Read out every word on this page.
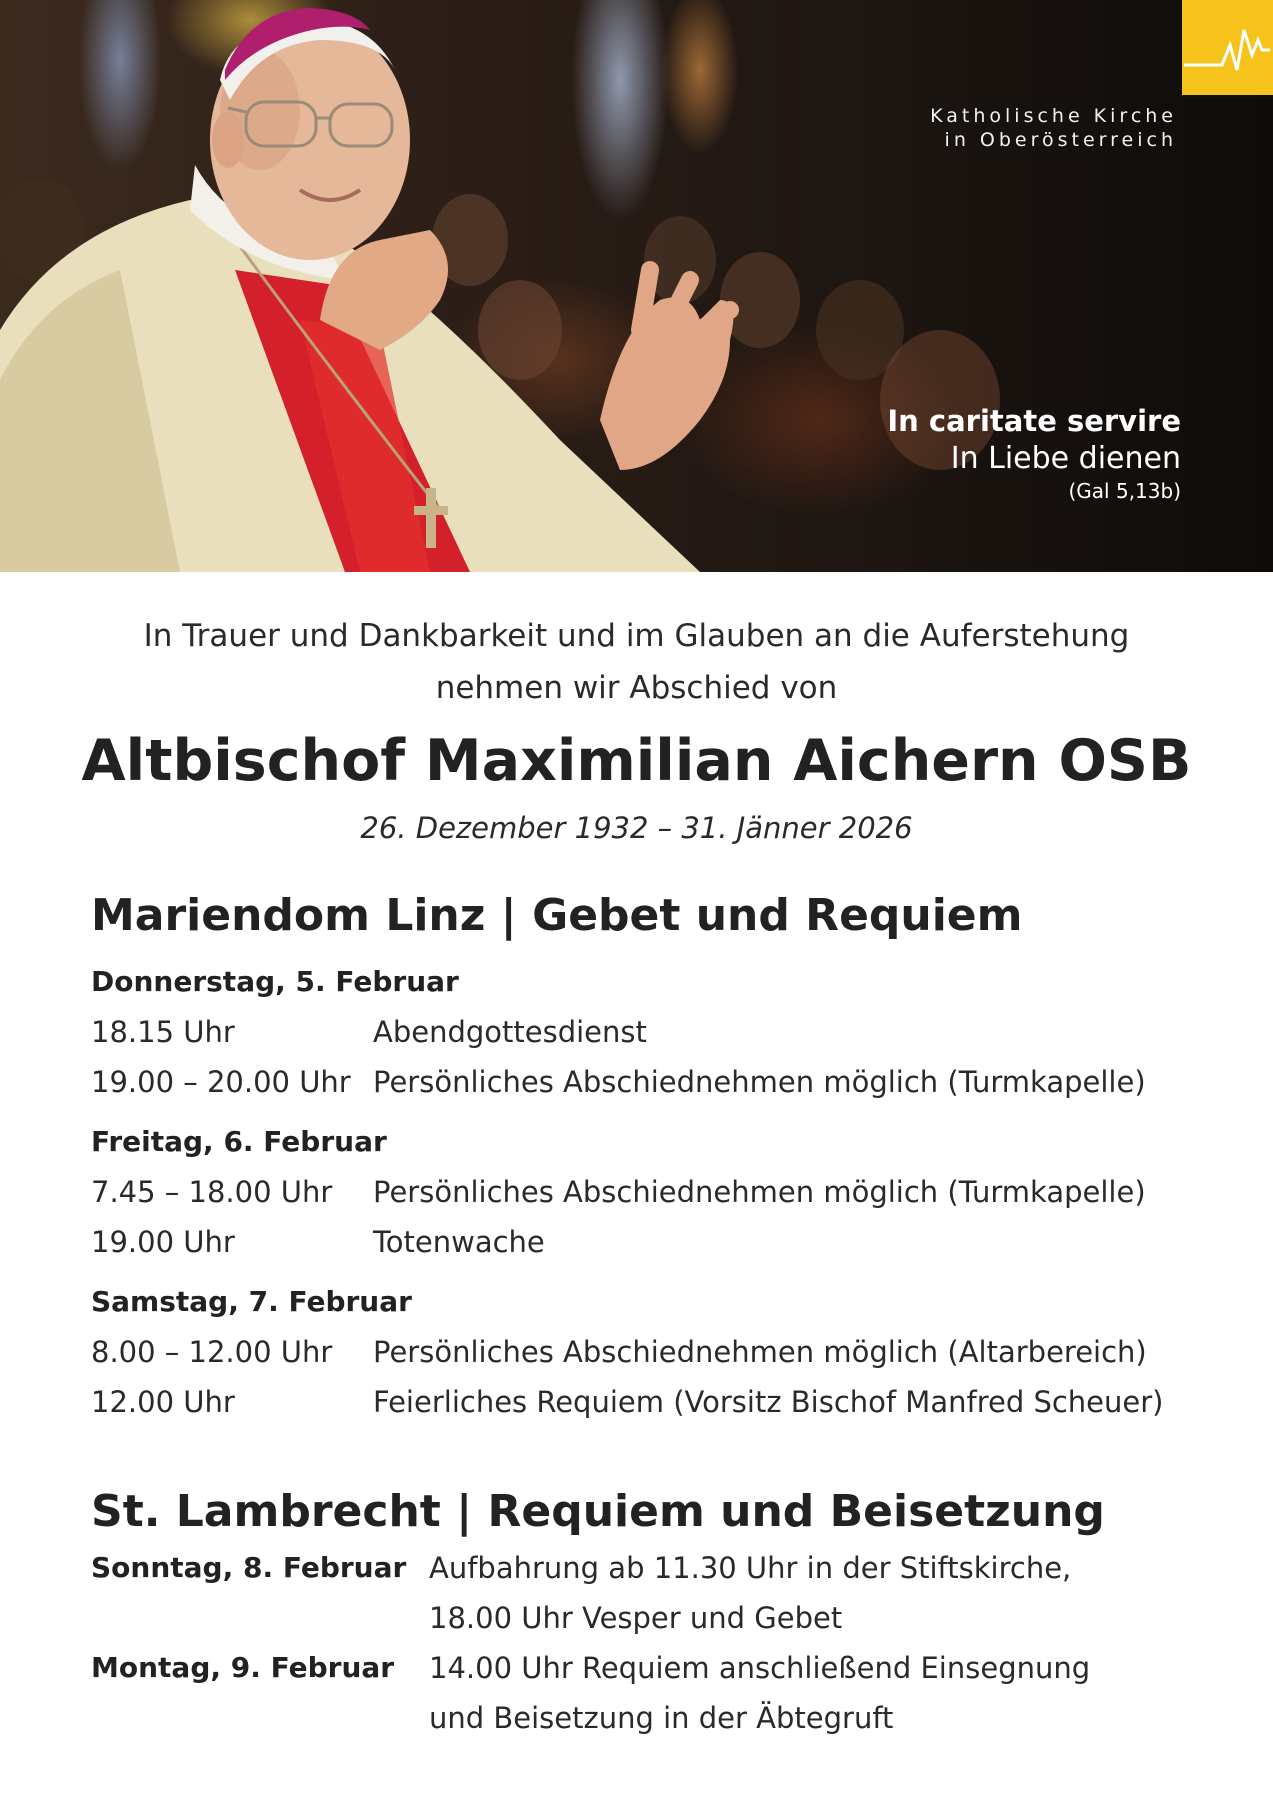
Katholische Kirche
in Oberösterreich
In caritate servire
In Liebe dienen
(Gal 5,13b)
In Trauer und Dankbarkeit und im Glauben an die Auferstehung
nehmen wir Abschied von
Altbischof Maximilian Aichern OSB
26. Dezember 1932 – 31. Jänner 2026
Mariendom Linz | Gebet und Requiem
Donnerstag, 5. Februar
18.15 Uhr	Abendgottesdienst
19.00 – 20.00 Uhr Persönliches Abschiednehmen möglich (Turmkapelle)
Freitag, 6. Februar
7.45 – 18.00 Uhr Persönliches Abschiednehmen möglich (Turmkapelle)
19.00 Uhr	Totenwache
Samstag, 7. Februar
8.00 – 12.00 Uhr Persönliches Abschiednehmen möglich (Altarbereich)
12.00 Uhr	Feierliches Requiem (Vorsitz Bischof Manfred Scheuer)
St. Lambrecht | Requiem und Beisetzung
Sonntag, 8. Februar Aufbahrung ab 11.30 Uhr in der Stiftskirche,
18.00 Uhr Vesper und Gebet
Montag, 9. Februar 14.00 Uhr Requiem anschließend Einsegnung
und Beisetzung in der Äbtegruft
